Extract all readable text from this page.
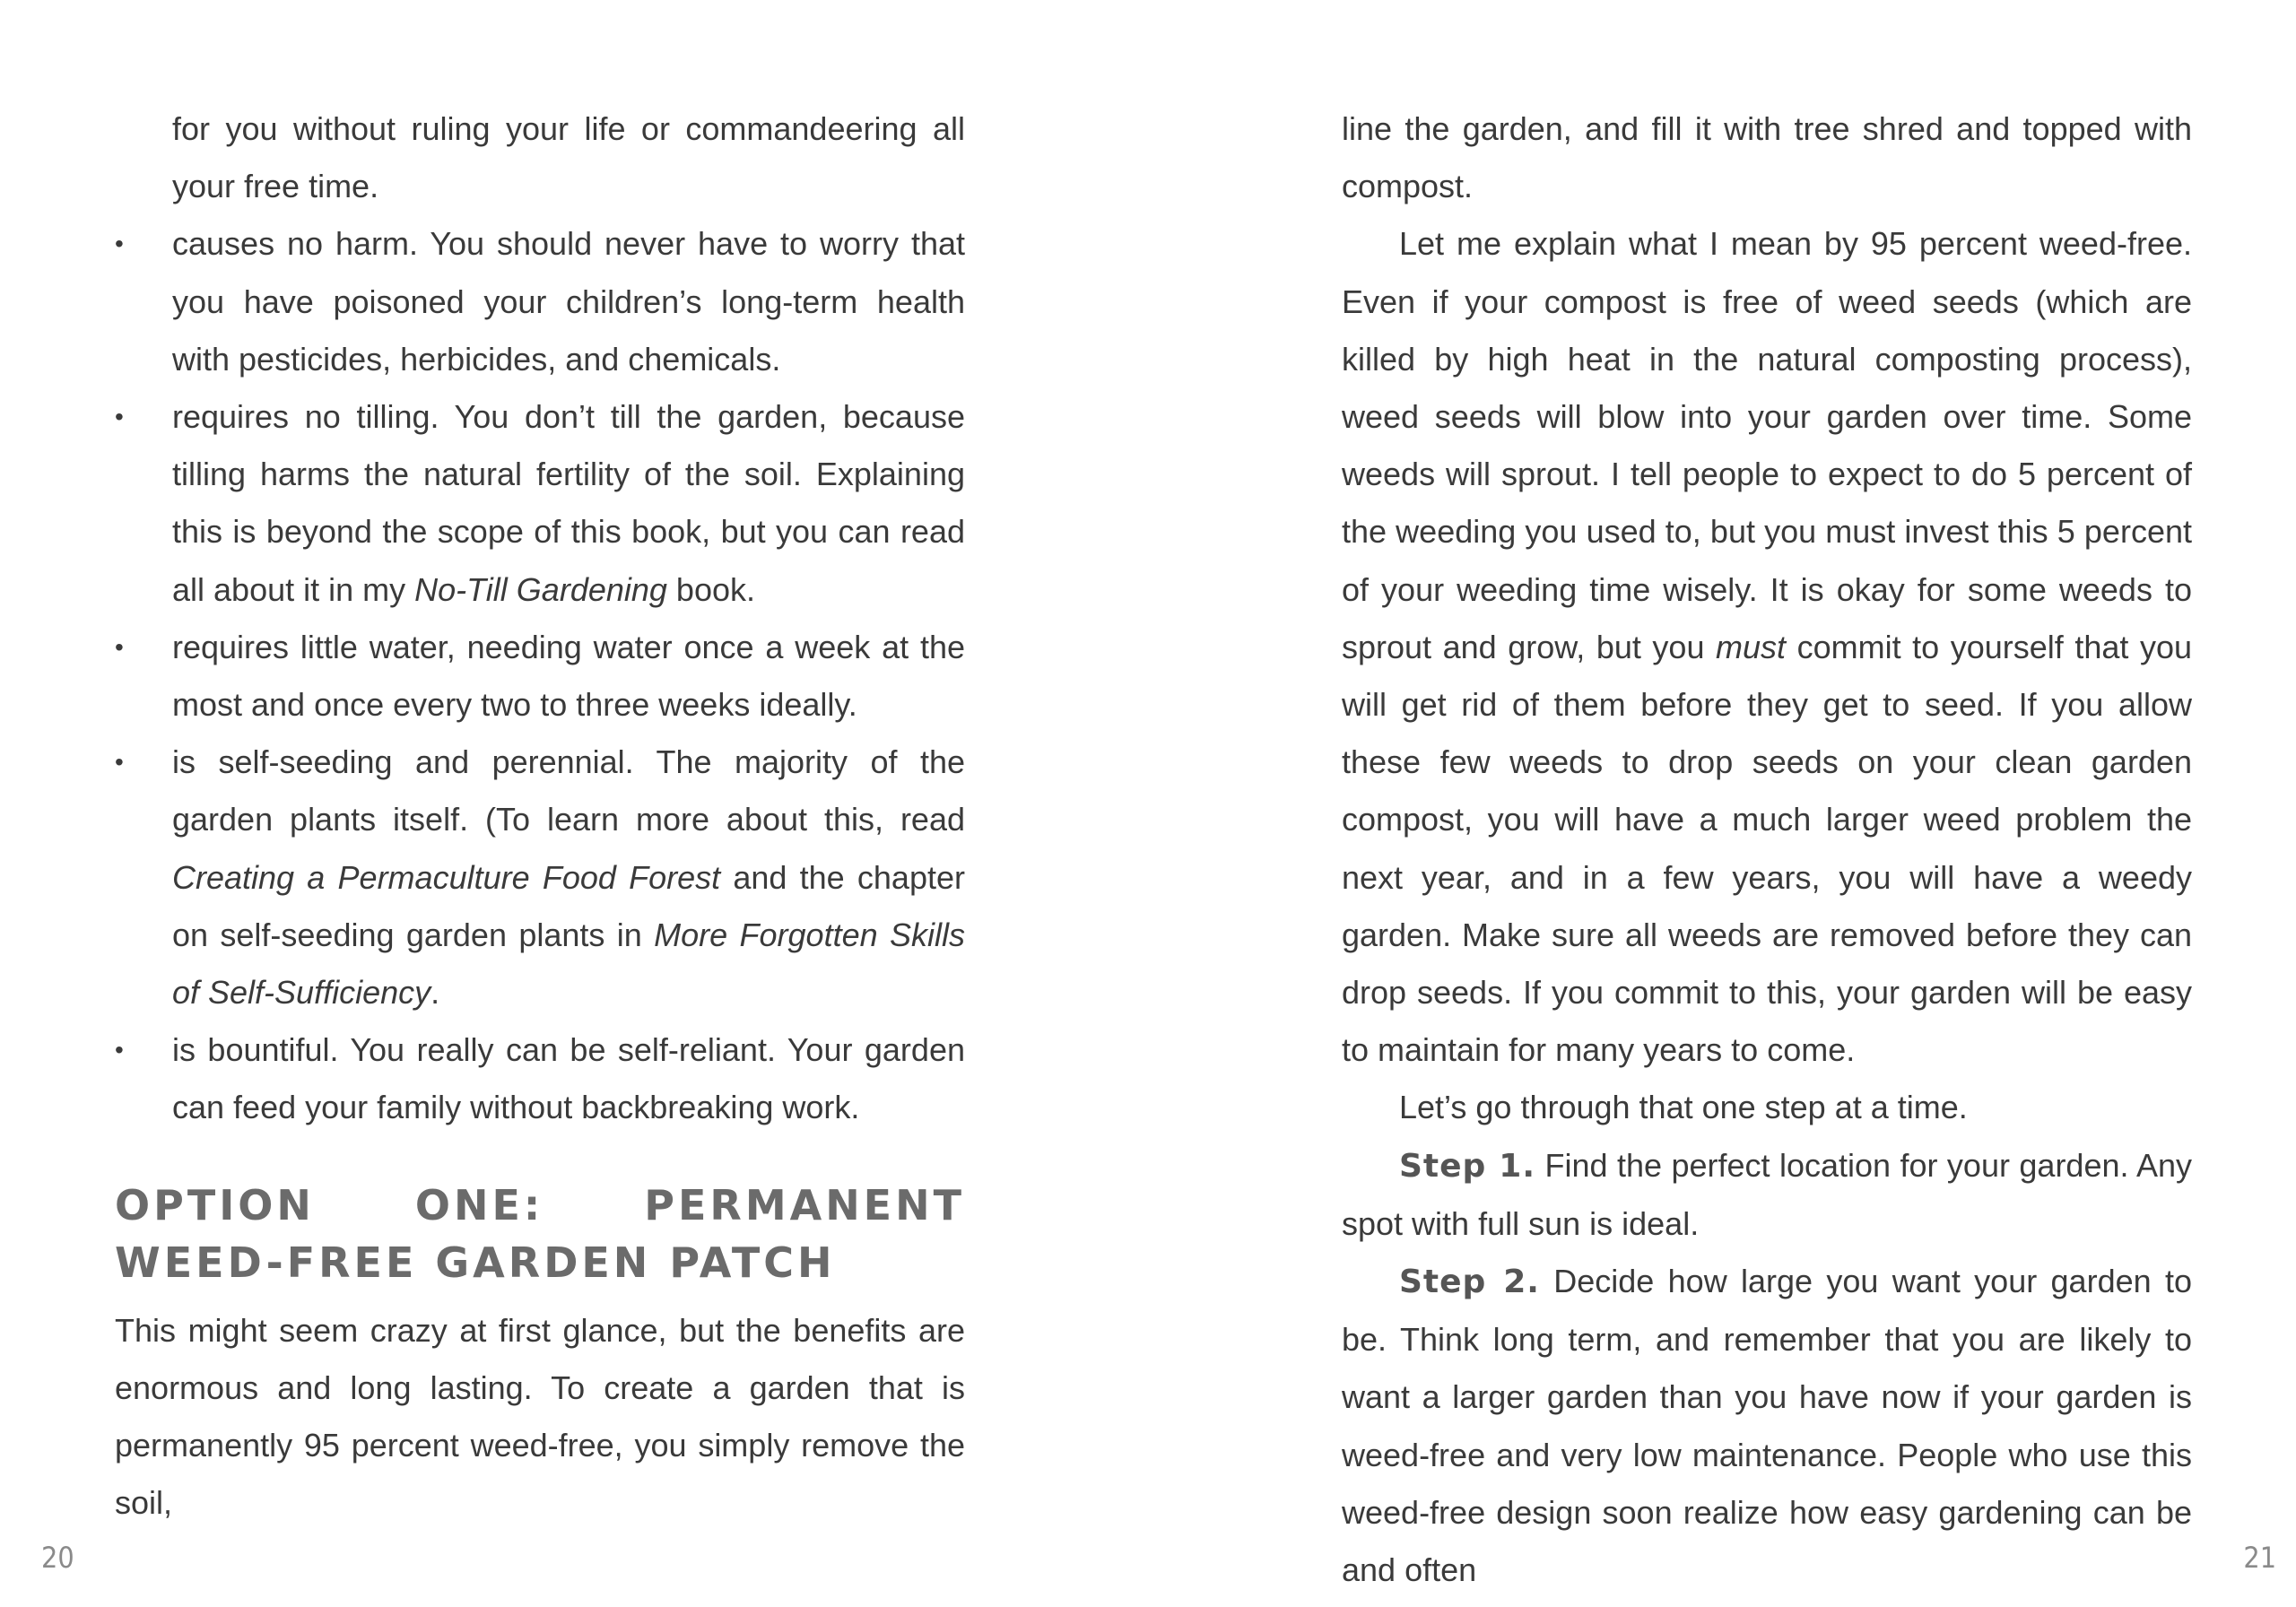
for you without ruling your life or commandeering all your free time.
• causes no harm. You should never have to worry that you have poisoned your children’s long-term health with pesticides, herbicides, and chemicals.
• requires no tilling. You don’t till the garden, because tilling harms the natural fertility of the soil. Explaining this is beyond the scope of this book, but you can read all about it in my No-Till Gardening book.
• requires little water, needing water once a week at the most and once every two to three weeks ideally.
• is self-seeding and perennial. The majority of the garden plants itself. (To learn more about this, read Creating a Permaculture Food Forest and the chapter on self-seeding garden plants in More Forgotten Skills of Self-Sufficiency.
• is bountiful. You really can be self-reliant. Your garden can feed your family without backbreaking work.
OPTION ONE: PERMANENT WEED-FREE GARDEN PATCH

This might seem crazy at first glance, but the benefits are enormous and long lasting. To create a garden that is permanently 95 percent weed-free, you simply remove the soil,

20

line the garden, and fill it with tree shred and topped with compost.

Let me explain what I mean by 95 percent weed-free. Even if your compost is free of weed seeds (which are killed by high heat in the natural composting process), weed seeds will blow into your garden over time. Some weeds will sprout. I tell people to expect to do 5 percent of the weeding you used to, but you must invest this 5 percent of your weeding time wisely. It is okay for some weeds to sprout and grow, but you must commit to yourself that you will get rid of them before they get to seed. If you allow these few weeds to drop seeds on your clean garden compost, you will have a much larger weed problem the next year, and in a few years, you will have a weedy garden. Make sure all weeds are removed before they can drop seeds. If you commit to this, your garden will be easy to maintain for many years to come.

Let’s go through that one step at a time.

Step 1. Find the perfect location for your garden. Any spot with full sun is ideal.

Step 2. Decide how large you want your garden to be. Think long term, and remember that you are likely to want a larger garden than you have now if your garden is weed-free and very low maintenance. People who use this weed-free design soon realize how easy gardening can be and often	21
